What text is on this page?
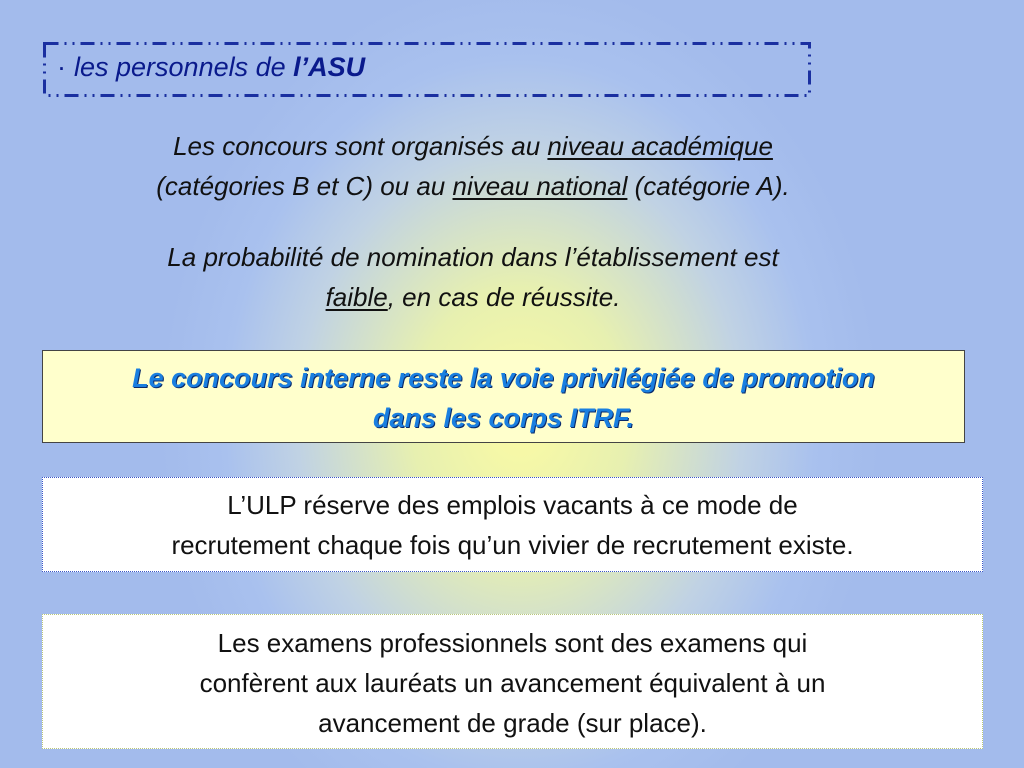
· les personnels de l’ASU
Les concours sont organisés au niveau académique
(catégories B et C) ou au niveau national (catégorie A).
La probabilité de nomination dans l’établissement est
faible, en cas de réussite.
Le concours interne reste la voie privilégiée de promotion
dans les corps ITRF.
L’ULP réserve des emplois vacants à ce mode de
recrutement chaque fois qu’un vivier de recrutement existe.
Les examens professionnels sont des examens qui
confèrent aux lauréats un avancement équivalent à un
avancement de grade (sur place).
